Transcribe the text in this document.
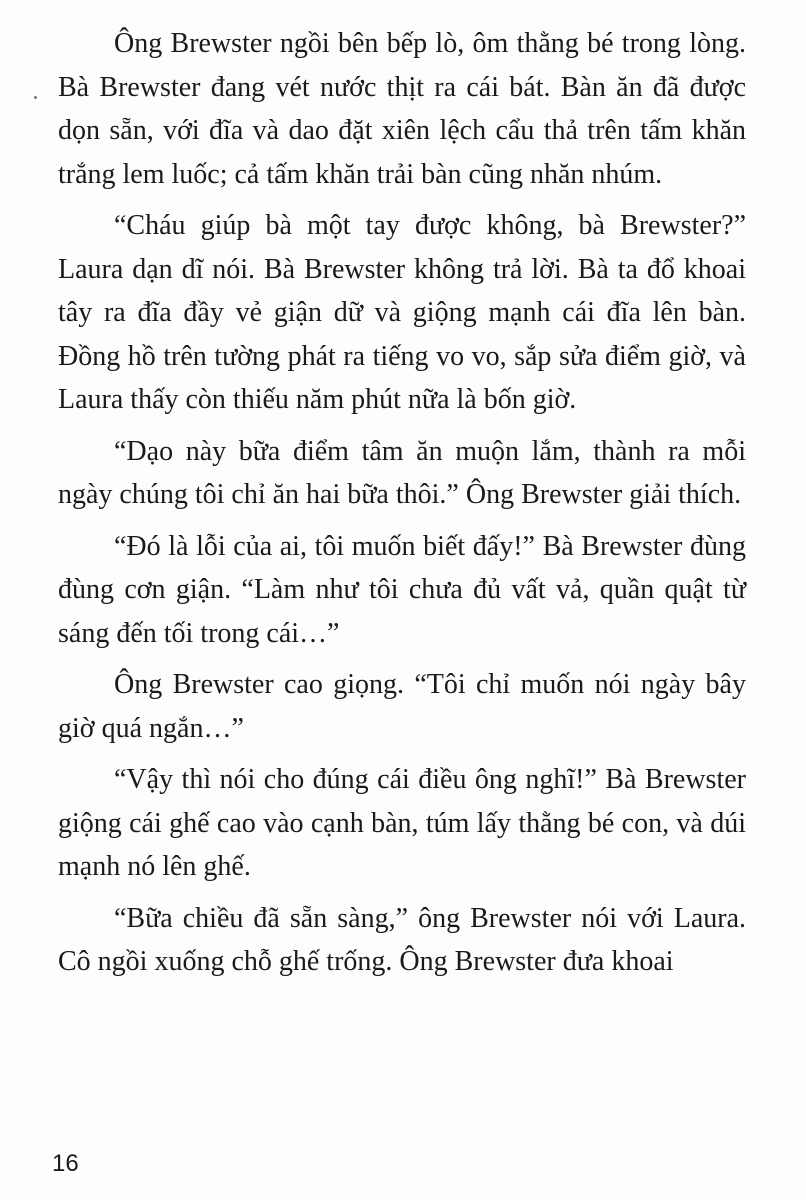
Ông Brewster ngồi bên bếp lò, ôm thằng bé trong lòng. Bà Brewster đang vét nước thịt ra cái bát. Bàn ăn đã được dọn sẵn, với đĩa và dao đặt xiên lệch cẩu thả trên tấm khăn trắng lem luốc; cả tấm khăn trải bàn cũng nhăn nhúm.

“Cháu giúp bà một tay được không, bà Brewster?” Laura dạn dĩ nói. Bà Brewster không trả lời. Bà ta đổ khoai tây ra đĩa đầy vẻ giận dữ và giộng mạnh cái đĩa lên bàn. Đồng hồ trên tường phát ra tiếng vo vo, sắp sửa điểm giờ, và Laura thấy còn thiếu năm phút nữa là bốn giờ.

“Dạo này bữa điểm tâm ăn muộn lắm, thành ra mỗi ngày chúng tôi chỉ ăn hai bữa thôi.” Ông Brewster giải thích.

“Đó là lỗi của ai, tôi muốn biết đấy!” Bà Brewster đùng đùng cơn giận. “Làm như tôi chưa đủ vất vả, quần quật từ sáng đến tối trong cái…”

Ông Brewster cao giọng. “Tôi chỉ muốn nói ngày bây giờ quá ngắn…”

“Vậy thì nói cho đúng cái điều ông nghĩ!” Bà Brewster giộng cái ghế cao vào cạnh bàn, túm lấy thằng bé con, và dúi mạnh nó lên ghế.

“Bữa chiều đã sẵn sàng,” ông Brewster nói với Laura. Cô ngồi xuống chỗ ghế trống. Ông Brewster đưa khoai

16
